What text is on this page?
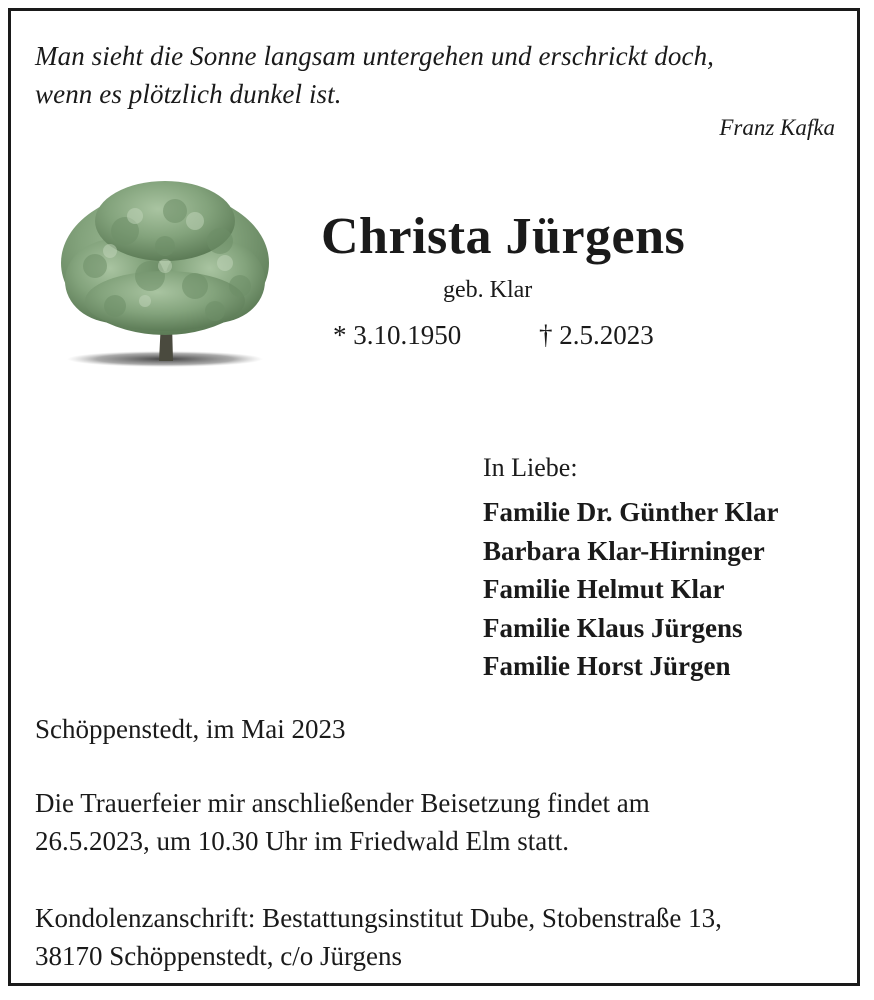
Man sieht die Sonne langsam untergehen und erschrickt doch,
wenn es plötzlich dunkel ist.
Franz Kafka
Christa Jürgens
geb. Klar
* 3.10.1950	† 2.5.2023
In Liebe:
Familie Dr. Günther Klar
Barbara Klar-Hirninger
Familie Helmut Klar
Familie Klaus Jürgens
Familie Horst Jürgen
Schöppenstedt, im Mai 2023
Die Trauerfeier mir anschließender Beisetzung findet am
26.5.2023, um 10.30 Uhr im Friedwald Elm statt.
Kondolenzanschrift: Bestattungsinstitut Dube, Stobenstraße 13,
38170 Schöppenstedt, c/o Jürgens
